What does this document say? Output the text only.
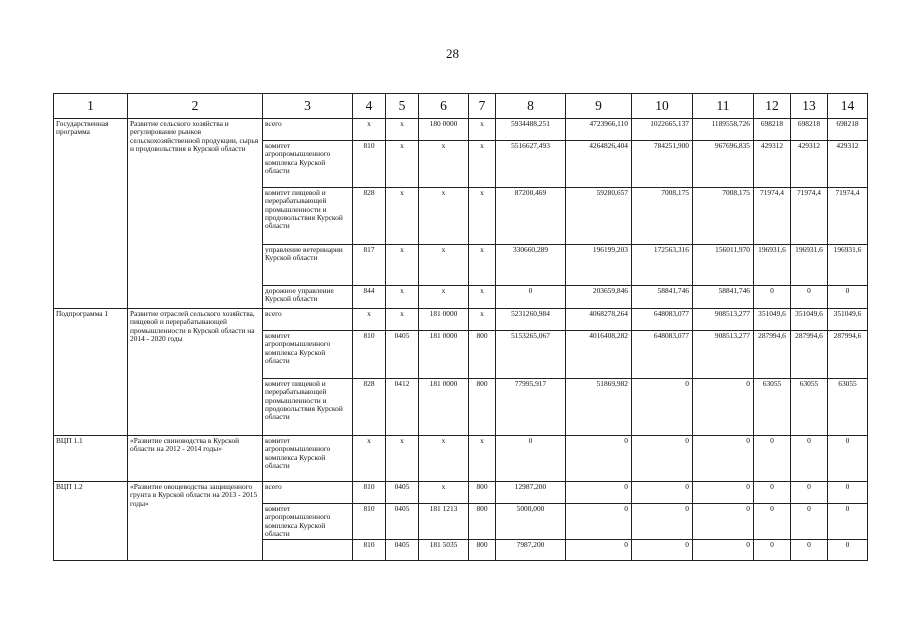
28
1	2	3	4	5	6	7	8	9	10	11	12	13	14
Государственная программа	Развитие сельского хозяйства и регулирование рынков сельскохозяйственной продукции, сырья и продовольствия в Курской области	всего	x	x	180 0000	x	5934488,251	4723966,110	1022665,137	1189558,726	698218	698218	698218
		комитет агропромышленного комплекса Курской области	810	x	x	x	5516627,493	4264826,404	784251,900	967696,835	429312	429312	429312
		комитет пищевой и перерабатывающей промышленности и продовольствия Курской области	828	x	x	x	87200,469	59280,657	7008,175	7008,175	71974,4	71974,4	71974,4
		управление ветеринарии Курской области	817	x	x	x	330660,289	196199,203	172563,316	156011,970	196931,6	196931,6	196931,6
		дорожное управление Курской области	844	x	x	x	0	203659,846	58841,746	58841,746	0	0	0
Подпрограмма 1	Развитие отраслей сельского хозяйства, пищевой и перерабатывающей промышленности в Курской области на 2014 - 2020 годы	всего	x	x	181 0000	x	5231260,984	4068278,264	648083,077	908513,277	351049,6	351049,6	351049,6
		комитет агропромышленного комплекса Курской области	810	0405	181 0000	800	5153265,067	4016408,282	648083,077	908513,277	287994,6	287994,6	287994,6
		комитет пищевой и перерабатывающей промышленности и продовольствия Курской области	828	0412	181 0000	800	77995,917	51869,982	0	0	63055	63055	63055
ВЦП 1.1	«Развитие свиноводства в Курской области на 2012 - 2014 годы»	комитет агропромышленного комплекса Курской области	x	x	x	x	0	0	0	0	0	0	0
ВЦП 1.2	«Развитие овощеводства защищенного грунта в Курской области на 2013 - 2015 годы»	всего	810	0405	x	800	12987,200	0	0	0	0	0	0
		комитет агропромышленного комплекса Курской области	810	0405	181 1213	800	5000,000	0	0	0	0	0	0
			810	0405	181 5035	800	7987,200	0	0	0	0	0	0
